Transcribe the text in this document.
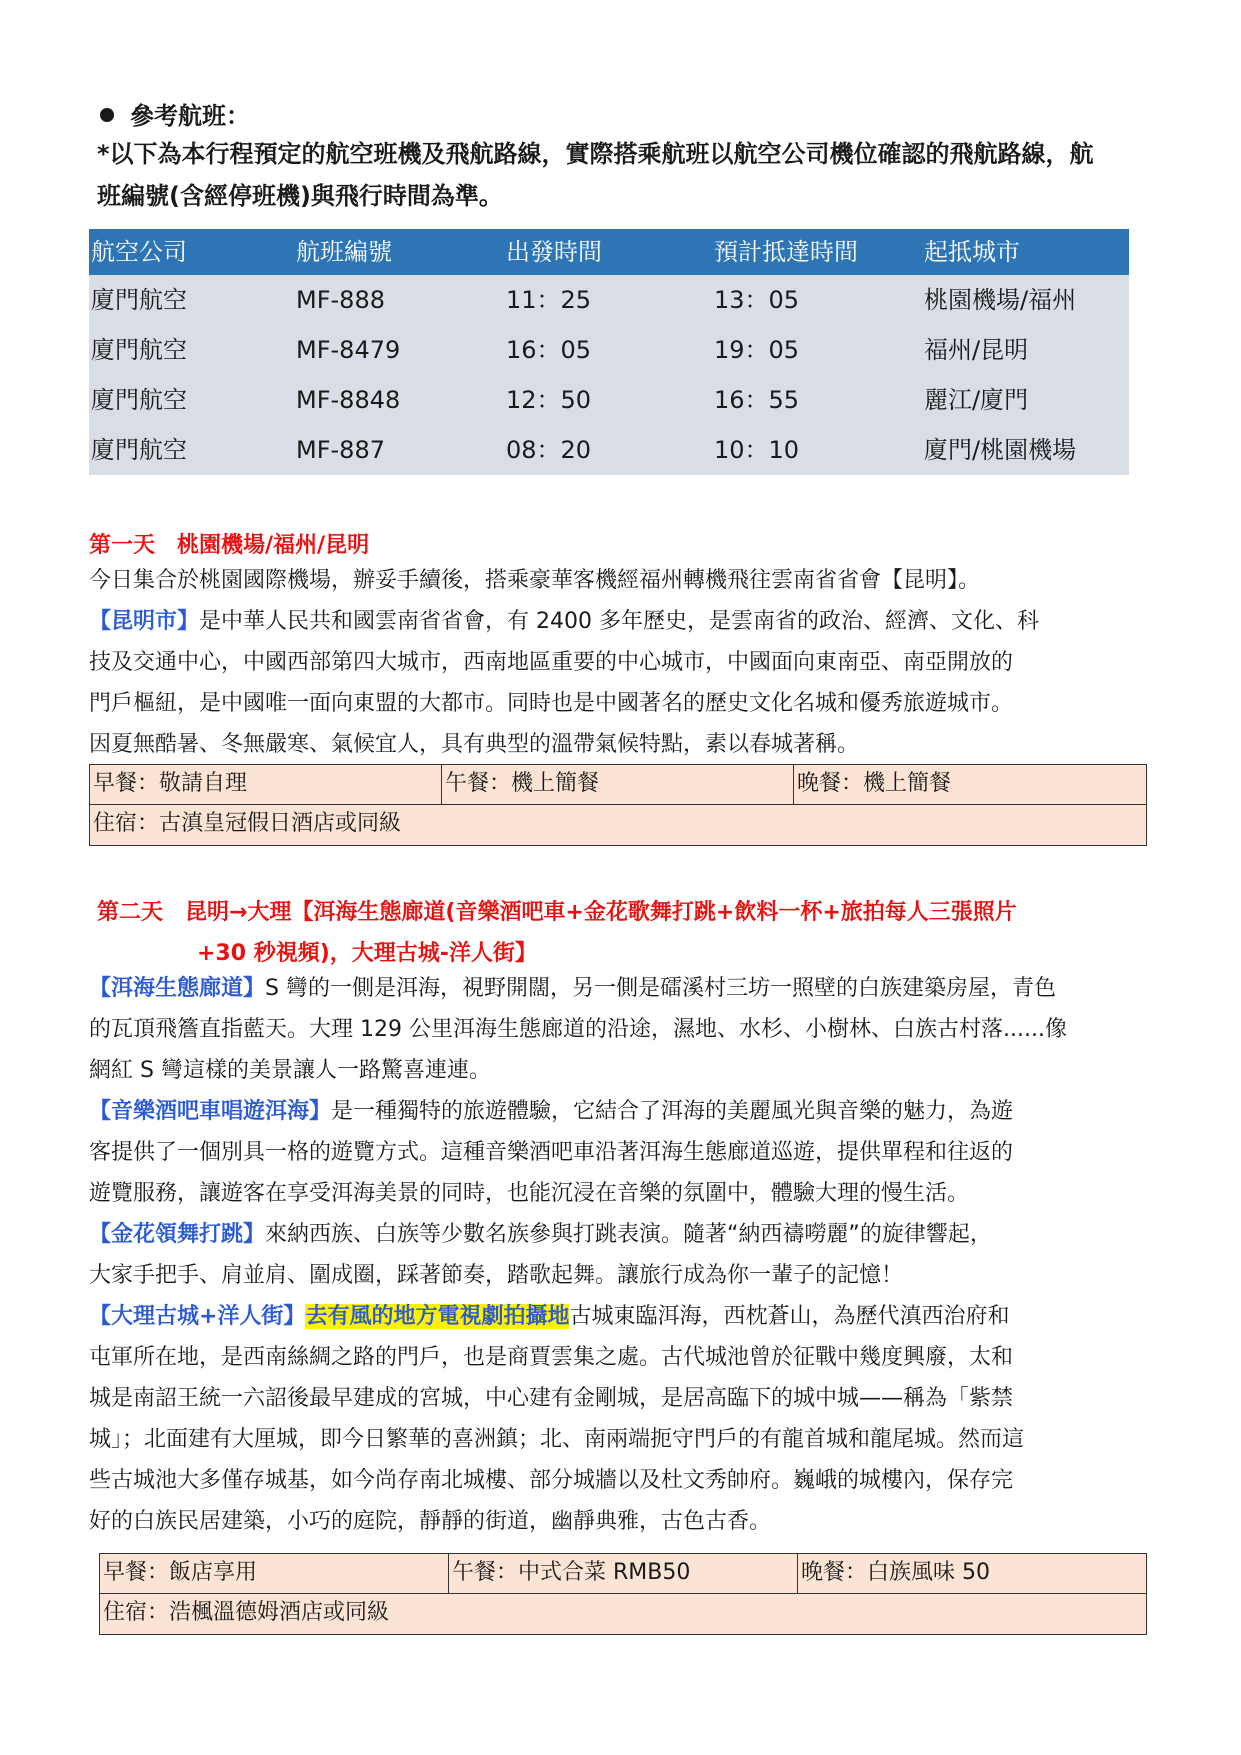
參考航班：
*以下為本行程預定的航空班機及飛航路線，實際搭乘航班以航空公司機位確認的飛航路線，航
班編號(含經停班機)與飛行時間為準。
航空公司	航班編號	出發時間	預計抵達時間	起抵城市
廈門航空	MF-888	11：25	13：05	桃園機場/福州
廈門航空	MF-8479	16：05	19：05	福州/昆明
廈門航空	MF-8848	12：50	16：55	麗江/廈門
廈門航空	MF-887	08：20	10：10	廈門/桃園機場
第一天　桃園機場/福州/昆明
今日集合於桃園國際機場，辦妥手續後，搭乘豪華客機經福州轉機飛往雲南省省會【昆明】。
【昆明市】是中華人民共和國雲南省省會，有 2400 多年歷史，是雲南省的政治、經濟、文化、科
技及交通中心，中國西部第四大城市，西南地區重要的中心城市，中國面向東南亞、南亞開放的
門戶樞紐，是中國唯一面向東盟的大都市。同時也是中國著名的歷史文化名城和優秀旅遊城市。
因夏無酷暑、冬無嚴寒、氣候宜人，具有典型的溫帶氣候特點，素以春城著稱。
早餐：敬請自理	午餐：機上簡餐	晚餐：機上簡餐
住宿：古滇皇冠假日酒店或同級
第二天　昆明→大理【洱海生態廊道(音樂酒吧車+金花歌舞打跳+飲料一杯+旅拍每人三張照片
+30 秒視頻)，大理古城-洋人街】
【洱海生態廊道】S 彎的一側是洱海，視野開闊，另一側是礌溪村三坊一照壁的白族建築房屋，青色
的瓦頂飛簷直指藍天。大理 129 公里洱海生態廊道的沿途，濕地、水杉、小樹林、白族古村落......像
網紅 S 彎這樣的美景讓人一路驚喜連連。
【音樂酒吧車唱遊洱海】是一種獨特的旅遊體驗，它結合了洱海的美麗風光與音樂的魅力，為遊
客提供了一個別具一格的遊覽方式。這種音樂酒吧車沿著洱海生態廊道巡遊，提供單程和往返的
遊覽服務，讓遊客在享受洱海美景的同時，也能沉浸在音樂的氛圍中，體驗大理的慢生活。
【金花領舞打跳】來納西族、白族等少數名族參與打跳表演。隨著“納西禱嘮麗”的旋律響起，
大家手把手、肩並肩、圍成圈，踩著節奏，踏歌起舞。讓旅行成為你一輩子的記憶！
【大理古城+洋人街】去有風的地方電視劇拍攝地古城東臨洱海，西枕蒼山，為歷代滇西治府和
屯軍所在地，是西南絲綢之路的門戶，也是商賈雲集之處。古代城池曾於征戰中幾度興廢，太和
城是南詔王統一六詔後最早建成的宮城，中心建有金剛城，是居高臨下的城中城——稱為「紫禁
城」；北面建有大厘城，即今日繁華的喜洲鎮；北、南兩端扼守門戶的有龍首城和龍尾城。然而這
些古城池大多僅存城基，如今尚存南北城樓、部分城牆以及杜文秀帥府。巍峨的城樓內，保存完
好的白族民居建築，小巧的庭院，靜靜的街道，幽靜典雅，古色古香。
早餐：飯店享用	午餐：中式合菜 RMB50	晚餐：白族風味 50
住宿：浩楓溫德姆酒店或同級
